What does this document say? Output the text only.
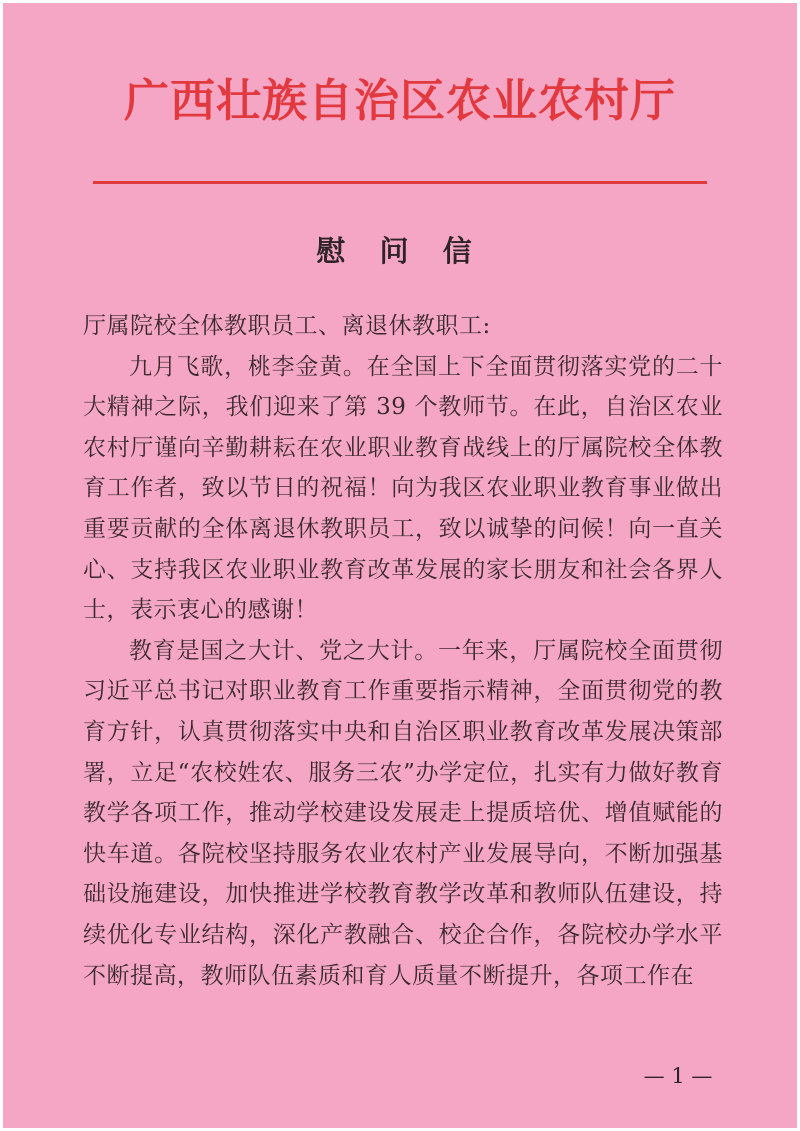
广西壮族自治区农业农村厅
慰 问 信

厅属院校全体教职员工、离退休教职工:

九月飞歌，桃李金黄。在全国上下全面贯彻落实党的二十大精神之际，我们迎来了第 39 个教师节。在此，自治区农业农村厅谨向辛勤耕耘在农业职业教育战线上的厅属院校全体教育工作者，致以节日的祝福！向为我区农业职业教育事业做出重要贡献的全体离退休教职员工，致以诚挚的问候！向一直关心、支持我区农业职业教育改革发展的家长朋友和社会各界人士，表示衷心的感谢！

教育是国之大计、党之大计。一年来，厅属院校全面贯彻习近平总书记对职业教育工作重要指示精神，全面贯彻党的教育方针，认真贯彻落实中央和自治区职业教育改革发展决策部署，立足“农校姓农、服务三农”办学定位，扎实有力做好教育教学各项工作，推动学校建设发展走上提质培优、增值赋能的快车道。各院校坚持服务农业农村产业发展导向，不断加强基础设施建设，加快推进学校教育教学改革和教师队伍建设，持续优化专业结构，深化产教融合、校企合作，各院校办学水平不断提高，教师队伍素质和育人质量不断提升，各项工作在

— 1 —
